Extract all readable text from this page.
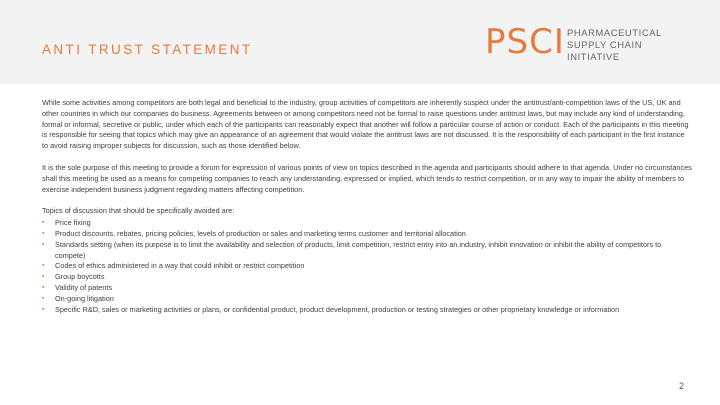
ANTI TRUST STATEMENT	PSCI PHARMACEUTICAL
SUPPLY CHAIN INITIATIVE

While some activities among competitors are both legal and beneficial to the industry, group activities of competitors are inherently suspect under the antitrust/anti-competition laws of the US, UK and other countries in which our companies do business. Agreements between or among competitors need not be formal to raise questions under antitrust laws, but may include any kind of understanding, formal or informal, secretive or public, under which each of the participants can reasonably expect that another will follow a particular course of action or conduct. Each of the participants in this meeting is responsible for seeing that topics which may give an appearance of an agreement that would violate the antitrust laws are not discussed. It is the responsibility of each participant in the first instance to avoid raising improper subjects for discussion, such as those identified below.

It is the sole purpose of this meeting to provide a forum for expression of various points of view on topics described in the agenda and participants should adhere to that agenda. Under no circumstances shall this meeting be used as a means for competing companies to reach any understanding, expressed or implied, which tends to restrict competition, or in any way to impair the ability of members to exercise independent business judgment regarding matters affecting competition.

Topics of discussion that should be specifically avoided are:

▪ Price fixing
▪ Product discounts, rebates, pricing policies, levels of production or sales and marketing terms customer and territorial allocation
▪ Standards setting (when its purpose is to limit the availability and selection of products, limit competition, restrict entry into an industry, inhibit innovation or inhibit the ability of competitors to compete)
▪ Codes of ethics administered in a way that could inhibit or restrict competition
▪ Group boycotts
▪ Validity of patents
▪ On-going litigation
▪ Specific R&D, sales or marketing activities or plans, or confidential product, product development, production or testing strategies or other proprietary knowledge or information
2
